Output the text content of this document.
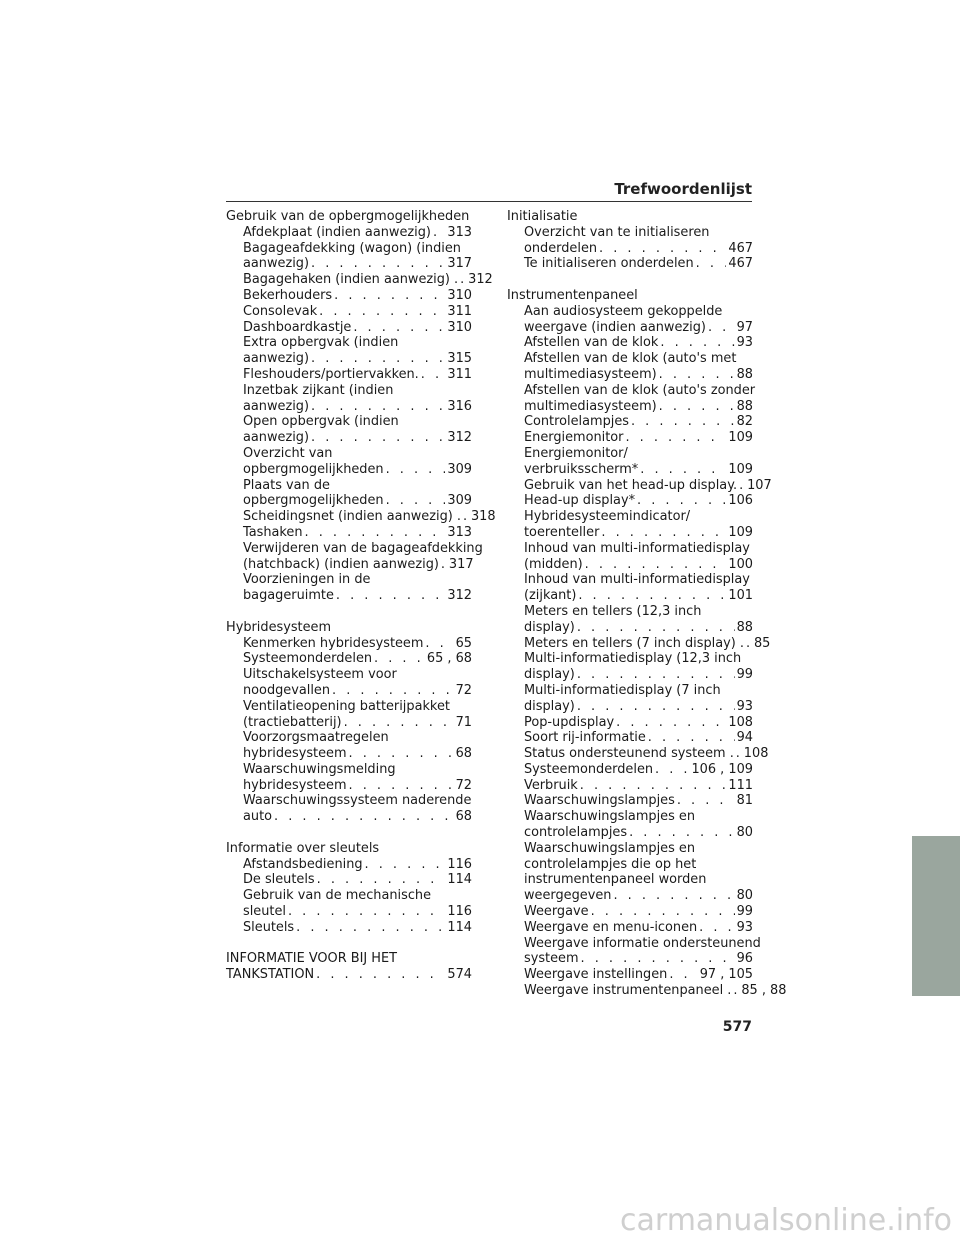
Trefwoordenlijst
Gebruik van de opbergmogelijkheden
Afdekplaat (indien aanwezig) . . . 313
Bagageafdekking (wagon) (indien
aanwezig) . . .	317
Bagagehaken (indien aanwezig) . . . . 312
Bekerhouders . . .	310
Consolevak . . .	311
Dashboardkastje . . .	310
Extra opbergvak (indien
aanwezig) . . .	315
Fleshouders/portiervakken. . . . 311
Inzetbak zijkant (indien
aanwezig) . . .	316
Open opbergvak (indien
aanwezig) . . .	312
Overzicht van
opbergmogelijkheden . . .	309
Plaats van de
opbergmogelijkheden . . .	309
Scheidingsnet (indien aanwezig) . . . . 318
Tashaken . . .	313
Verwijderen van de bagageafdekking
(hatchback) (indien aanwezig) . . . 317
Voorzieningen in de
bagageruimte . . .	312
Hybridesysteem
Kenmerken hybridesysteem . . . 65
Systeemonderdelen . . .	65 , 68
Uitschakelsysteem voor
noodgevallen . . .	72
Ventilatieopening batterijpakket
(tractiebatterij) . . .	71
Voorzorgsmaatregelen
hybridesysteem . . .	68
Waarschuwingsmelding
hybridesysteem . . .	72
Waarschuwingssysteem naderende
auto . . .	68
Informatie over sleutels
Afstandsbediening . . .	116
De sleutels . . .	114
Gebruik van de mechanische
sleutel . . .	116
Sleutels . . .	114
INFORMATIE VOOR BIJ HET
TANKSTATION . . .	574
Initialisatie
Overzicht van te initialiseren
onderdelen . . .	467
Te initialiseren onderdelen . . .	467
Instrumentenpaneel
Aan audiosysteem gekoppelde
weergave (indien aanwezig) . . . 97
Afstellen van de klok . . .	93
Afstellen van de klok (auto's met
multimediasysteem) . . .	88
Afstellen van de klok (auto's zonder
multimediasysteem) . . .	88
Controlelampjes . . .	82
Energiemonitor . . .	109
Energiemonitor/
verbruiksscherm* . . .	109
Gebruik van het head-up display. . . . 107
Head-up display* . . .	106
Hybridesysteemindicator/
toerenteller . . .	109
Inhoud van multi-informatiedisplay
(midden) . . .	100
Inhoud van multi-informatiedisplay
(zijkant) . . .	101
Meters en tellers (12,3 inch
display) . . .	88
Meters en tellers (7 inch display) . . . . 85
Multi-informatiedisplay (12,3 inch
display) . . .	99
Multi-informatiedisplay (7 inch
display) . . .	93
Pop-updisplay . . .	108
Soort rij-informatie . . .	94
Status ondersteunend systeem . . . . 108
Systeemonderdelen . . .	106 , 109
Verbruik . . .	111
Waarschuwingslampjes . . .	81
Waarschuwingslampjes en
controlelampjes . . .	80
Waarschuwingslampjes en
controlelampjes die op het
instrumentenpaneel worden
weergegeven . . .	80
Weergave . . .	99
Weergave en menu-iconen . . .	93
Weergave informatie ondersteunend
systeem . . .	96
Weergave instellingen . . .	97 , 105
Weergave instrumentenpaneel . . . . 85 , 88
577
carmanualsonline.info
